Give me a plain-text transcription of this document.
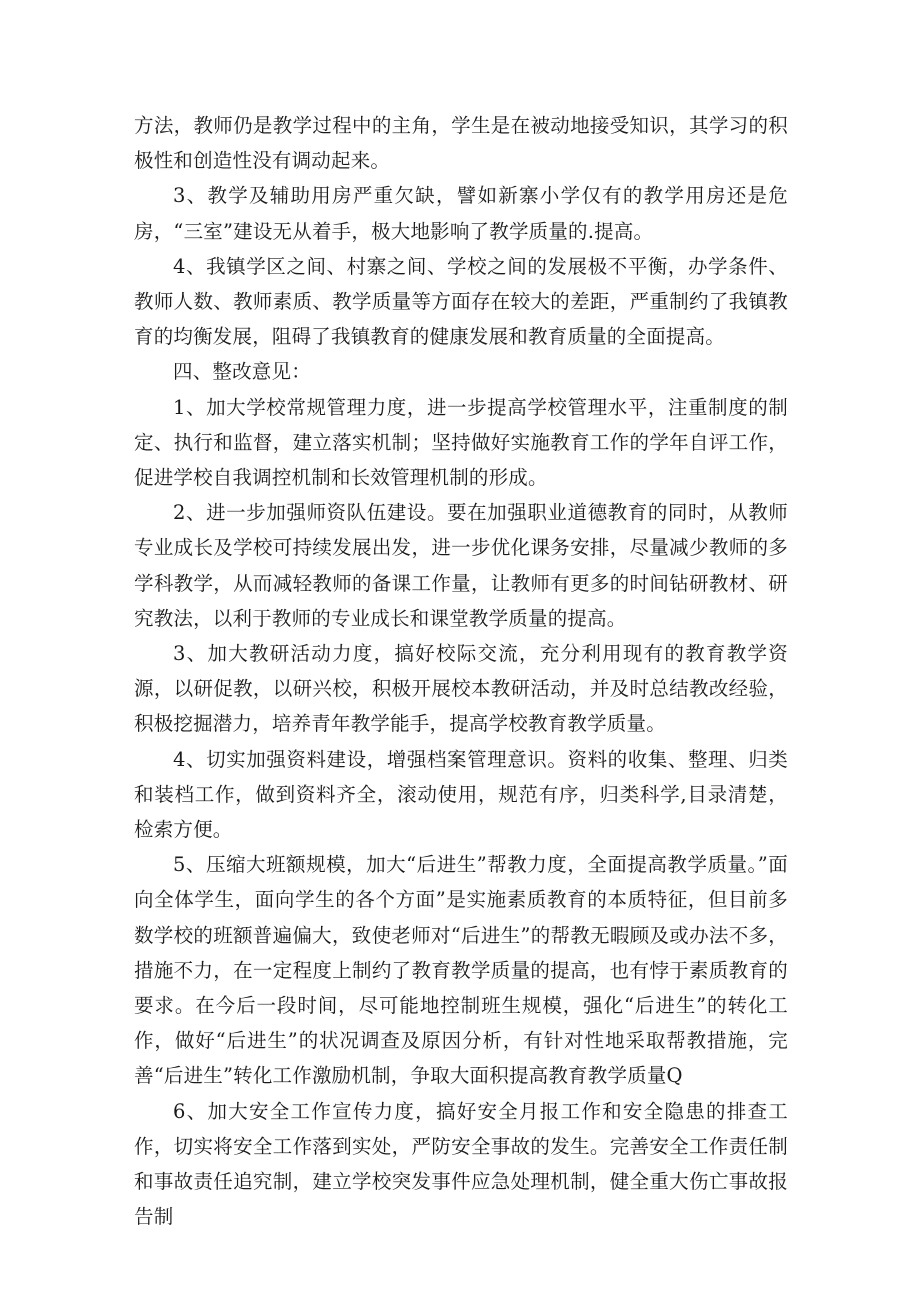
方法，教师仍是教学过程中的主角，学生是在被动地接受知识，其学习的积极性和创造性没有调动起来。

3、教学及辅助用房严重欠缺，譬如新寨小学仅有的教学用房还是危房，“三室”建设无从着手，极大地影响了教学质量的.提高。

4、我镇学区之间、村寨之间、学校之间的发展极不平衡，办学条件、教师人数、教师素质、教学质量等方面存在较大的差距，严重制约了我镇教育的均衡发展，阻碍了我镇教育的健康发展和教育质量的全面提高。

四、整改意见：

1、加大学校常规管理力度，进一步提高学校管理水平，注重制度的制定、执行和监督，建立落实机制；坚持做好实施教育工作的学年自评工作，促进学校自我调控机制和长效管理机制的形成。

2、进一步加强师资队伍建设。要在加强职业道德教育的同时，从教师专业成长及学校可持续发展出发，进一步优化课务安排，尽量减少教师的多学科教学，从而减轻教师的备课工作量，让教师有更多的时间钻研教材、研究教法，以利于教师的专业成长和课堂教学质量的提高。

3、加大教研活动力度，搞好校际交流，充分利用现有的教育教学资源，以研促教，以研兴校，积极开展校本教研活动，并及时总结教改经验，积极挖掘潜力，培养青年教学能手，提高学校教育教学质量。

4、切实加强资料建设，增强档案管理意识。资料的收集、整理、归类和装档工作，做到资料齐全，滚动使用，规范有序，归类科学,目录清楚，检索方便。

5、压缩大班额规模，加大“后进生”帮教力度，全面提高教学质量。”面向全体学生，面向学生的各个方面”是实施素质教育的本质特征，但目前多数学校的班额普遍偏大，致使老师对“后进生”的帮教无暇顾及或办法不多，措施不力，在一定程度上制约了教育教学质量的提高，也有悖于素质教育的要求。在今后一段时间，尽可能地控制班生规模，强化“后进生”的转化工作，做好“后进生”的状况调查及原因分析，有针对性地采取帮教措施，完善“后进生”转化工作激励机制，争取大面积提高教育教学质量Q

6、加大安全工作宣传力度，搞好安全月报工作和安全隐患的排查工作，切实将安全工作落到实处，严防安全事故的发生。完善安全工作责任制和事故责任追究制，建立学校突发事件应急处理机制，健全重大伤亡事故报告制
